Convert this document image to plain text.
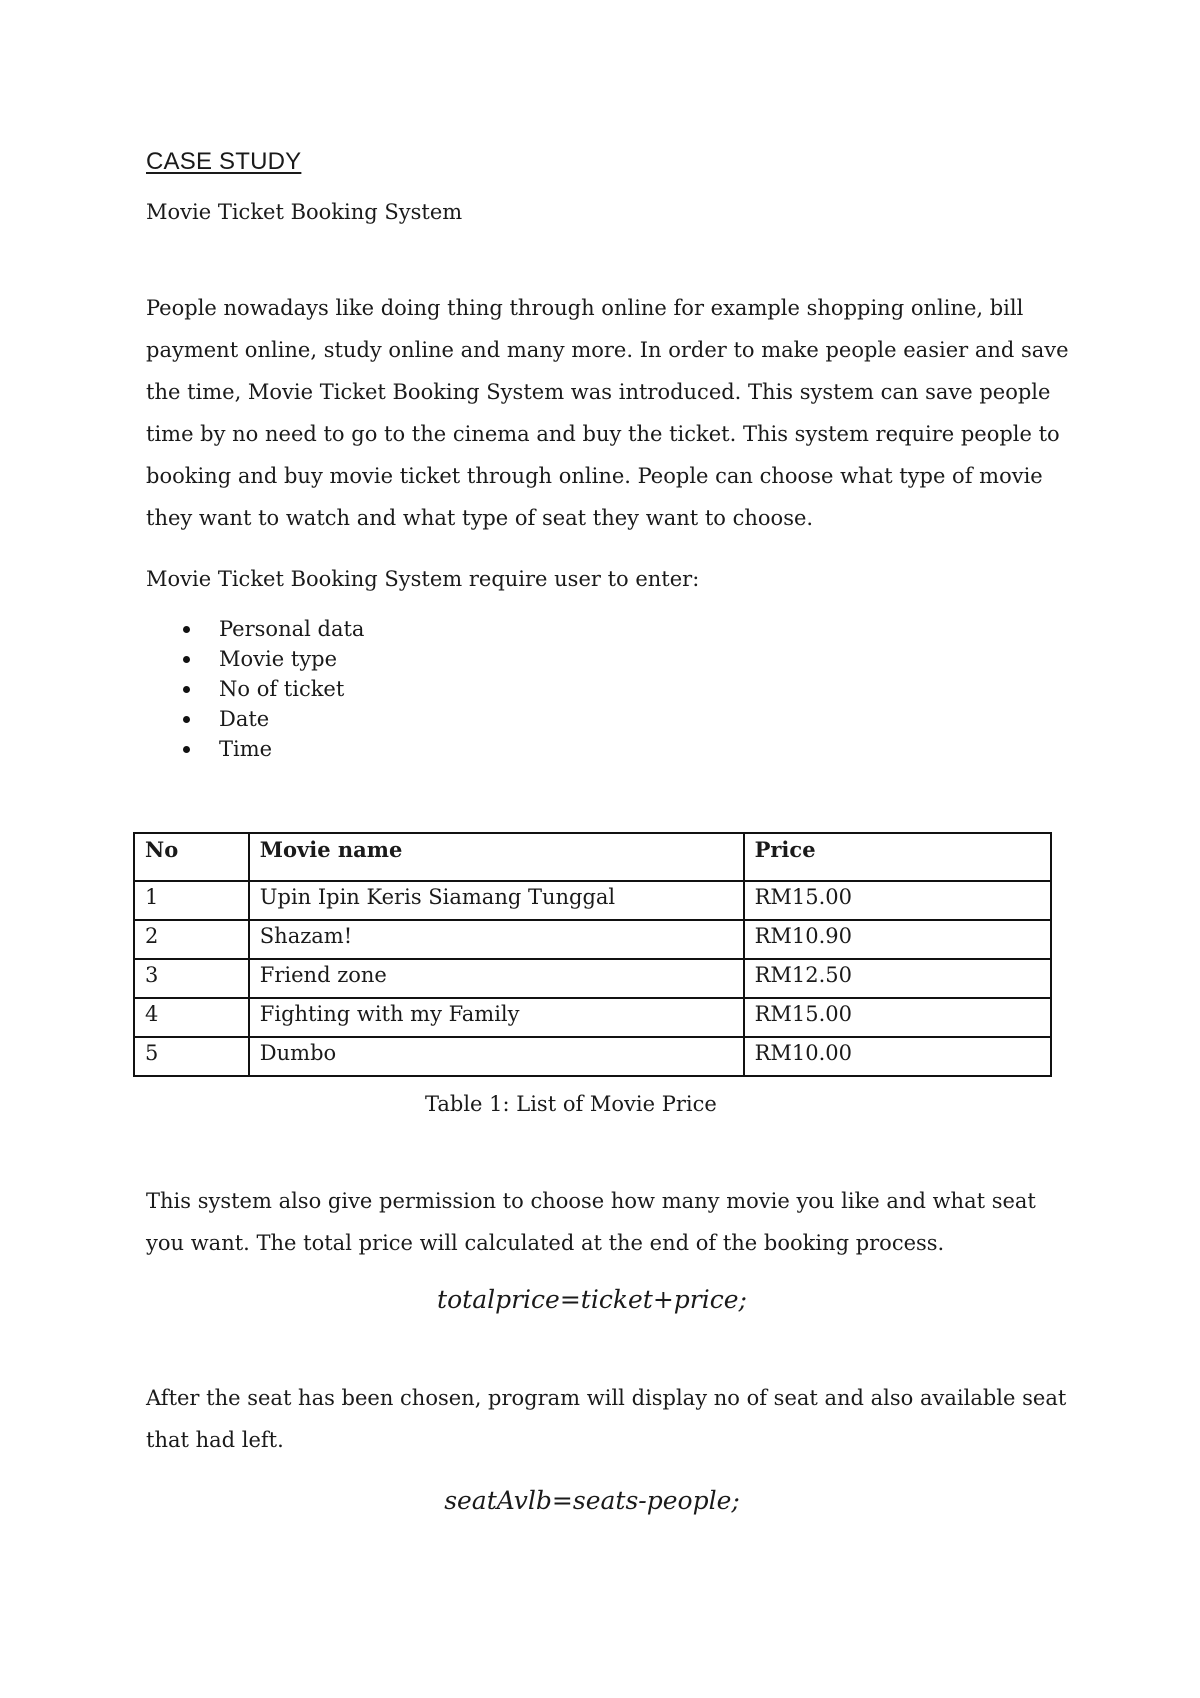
CASE STUDY

Movie Ticket Booking System

People nowadays like doing thing through online for example shopping online, bill payment online, study online and many more. In order to make people easier and save the time, Movie Ticket Booking System was introduced. This system can save people time by no need to go to the cinema and buy the ticket. This system require people to booking and buy movie ticket through online. People can choose what type of movie they want to watch and what type of seat they want to choose.

Movie Ticket Booking System require user to enter:

Personal data
Movie type
No of ticket
Date
Time
No	Movie name	Price
1	Upin Ipin Keris Siamang Tunggal	RM15.00
2	Shazam!	RM10.90
3	Friend zone	RM12.50
4	Fighting with my Family	RM15.00
5	Dumbo	RM10.00

Table 1: List of Movie Price

This system also give permission to choose how many movie you like and what seat you want. The total price will calculated at the end of the booking process.

totalprice=ticket+price;

After the seat has been chosen, program will display no of seat and also available seat that had left.

seatAvlb=seats-people;
